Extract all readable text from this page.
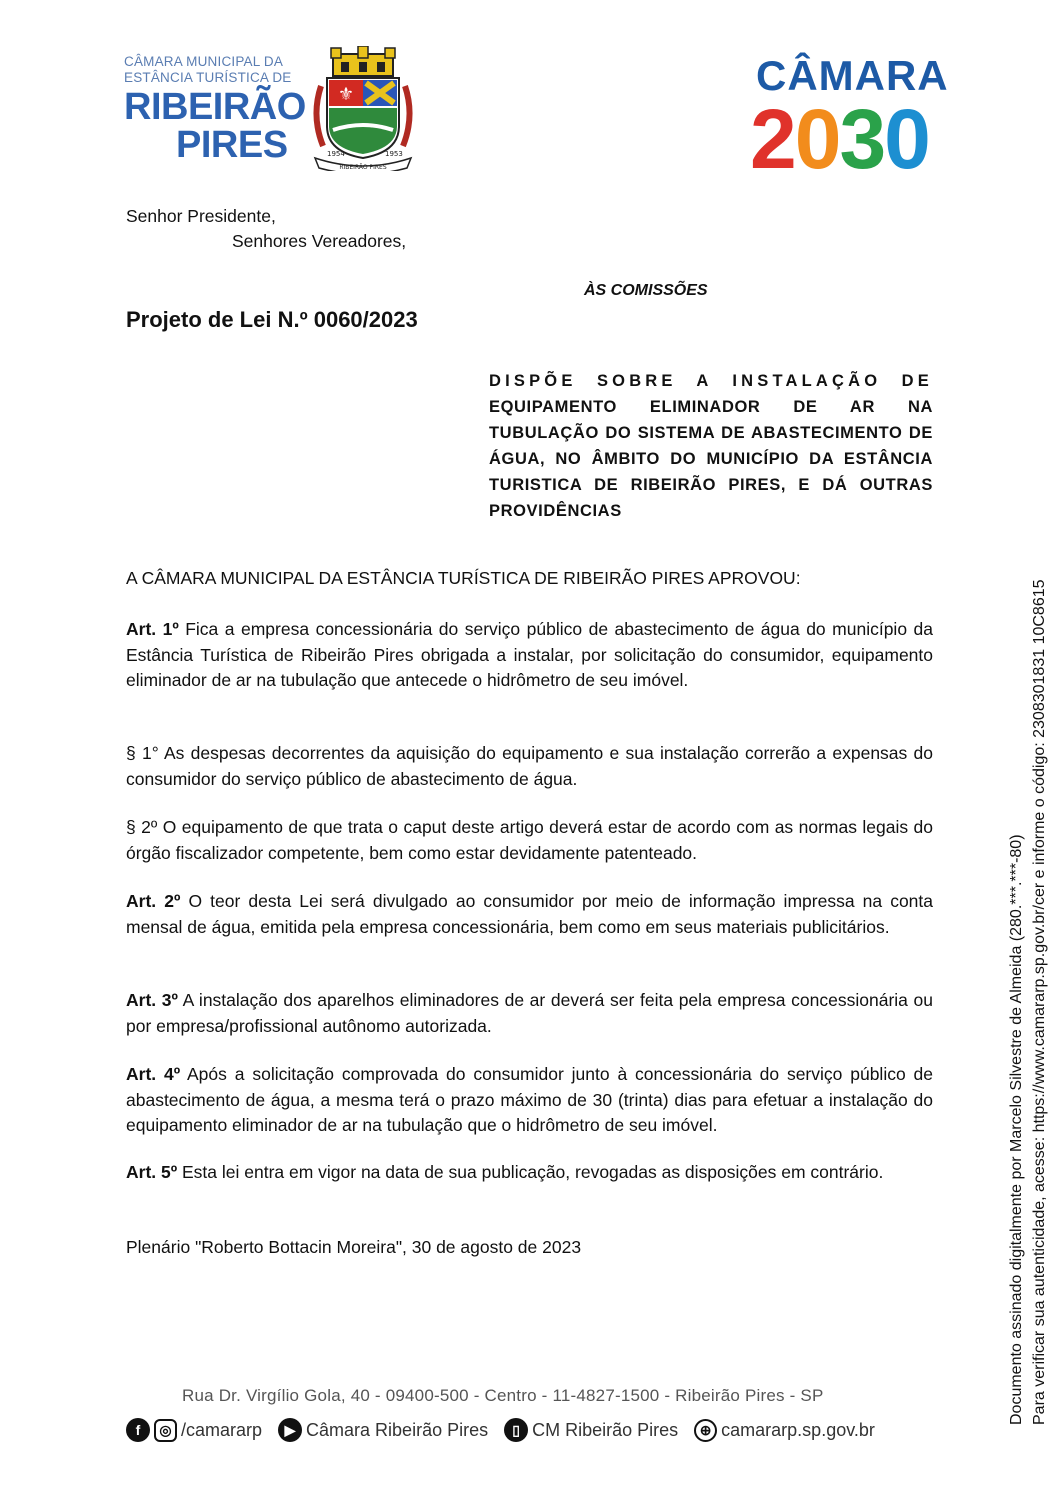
CÂMARA MUNICIPAL DA
ESTÂNCIA TURÍSTICA DE
RIBEIRÃO
PIRES
⚜
1954	1953
RIBEIRÃO PIRES
CÂMARA
2030
Senhor Presidente,
Senhores Vereadores,
ÀS COMISSÕES
Projeto de Lei N.º 0060/2023
DISPÕE SOBRE A INSTALAÇÃO DE
EQUIPAMENTO ELIMINADOR DE AR NA TUBULAÇÃO DO SISTEMA DE ABASTECIMENTO DE ÁGUA, NO ÂMBITO DO MUNICÍPIO DA ESTÂNCIA TURISTICA DE RIBEIRÃO PIRES, E DÁ OUTRAS PROVIDÊNCIAS
A CÂMARA MUNICIPAL DA ESTÂNCIA TURÍSTICA DE RIBEIRÃO PIRES APROVOU:
Art. 1º Fica a empresa concessionária do serviço público de abastecimento de água do município da Estância Turística de Ribeirão Pires obrigada a instalar, por solicitação do consumidor, equipamento eliminador de ar na tubulação que antecede o hidrômetro de seu imóvel.
§ 1° As despesas decorrentes da aquisição do equipamento e sua instalação correrão a expensas do consumidor do serviço público de abastecimento de água.
§ 2º O equipamento de que trata o caput deste artigo deverá estar de acordo com as normas legais do órgão fiscalizador competente, bem como estar devidamente patenteado.
Art. 2º O teor desta Lei será divulgado ao consumidor por meio de informação impressa na conta mensal de água, emitida pela empresa concessionária, bem como em seus materiais publicitários.
Art. 3º A instalação dos aparelhos eliminadores de ar deverá ser feita pela empresa concessionária ou por empresa/profissional autônomo autorizada.
Art. 4º Após a solicitação comprovada do consumidor junto à concessionária do serviço público de abastecimento de água, a mesma terá o prazo máximo de 30 (trinta) dias para efetuar a instalação do equipamento eliminador de ar na tubulação que o hidrômetro de seu imóvel.
Art. 5º Esta lei entra em vigor na data de sua publicação, revogadas as disposições em contrário.
Plenário "Roberto Bottacin Moreira", 30 de agosto de 2023
Rua Dr. Virgílio Gola, 40 - 09400-500 - Centro - 11-4827-1500 - Ribeirão Pires - SP
f	◎ /camararp	▶ Câmara Ribeirão Pires	▯ CM Ribeirão Pires	⊕ camararp.sp.gov.br
Documento assinado digitalmente por Marcelo Silvestre de Almeida (280.***.***-80) Para verificar sua autenticidade, acesse: https://www.camararp.sp.gov.br/cer e informe o código: 2308301831 10C8615
